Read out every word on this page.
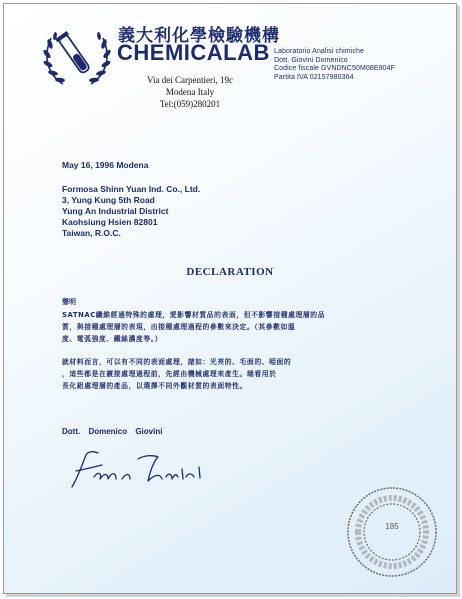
義大利化學檢驗機構
CHEMICALAB
Via dei Carpentieri, 19c
Modena Italy
Tel:(059)280201
Laboratorio Analisi chimiche
Dott. Giovini Domenico
Codice fiscale GVNDNC50M08E904F
Partita IVA 02157980364
May 16, 1996 Modena
Formosa Shinn Yuan Ind. Co., Ltd.
3, Yung Kung 5th Road
Yung An Industrial District
Kaohsiung Hsien 82801
Taiwan, R.O.C.
DECLARATION
聲明
SATNAC纖維經過特殊的處理，愛影響材質品的表面，但不影響接種處理層的品
質，與接種處理層的表現，由接種處理過程的參數來決定。（其參數如溫
度、電弧強度、鐵絲濃度等。）
就材料而言，可以有不同的表面處理，諸如：光亮的、毛面的、啞面的
，這些都是在鍍接處理過程前，先經由機械處理來產生。端看用於
長化鋁處理層的產品，以選擇不同外觀材質的表面特性。
Dott. Domenico Giovini
185
